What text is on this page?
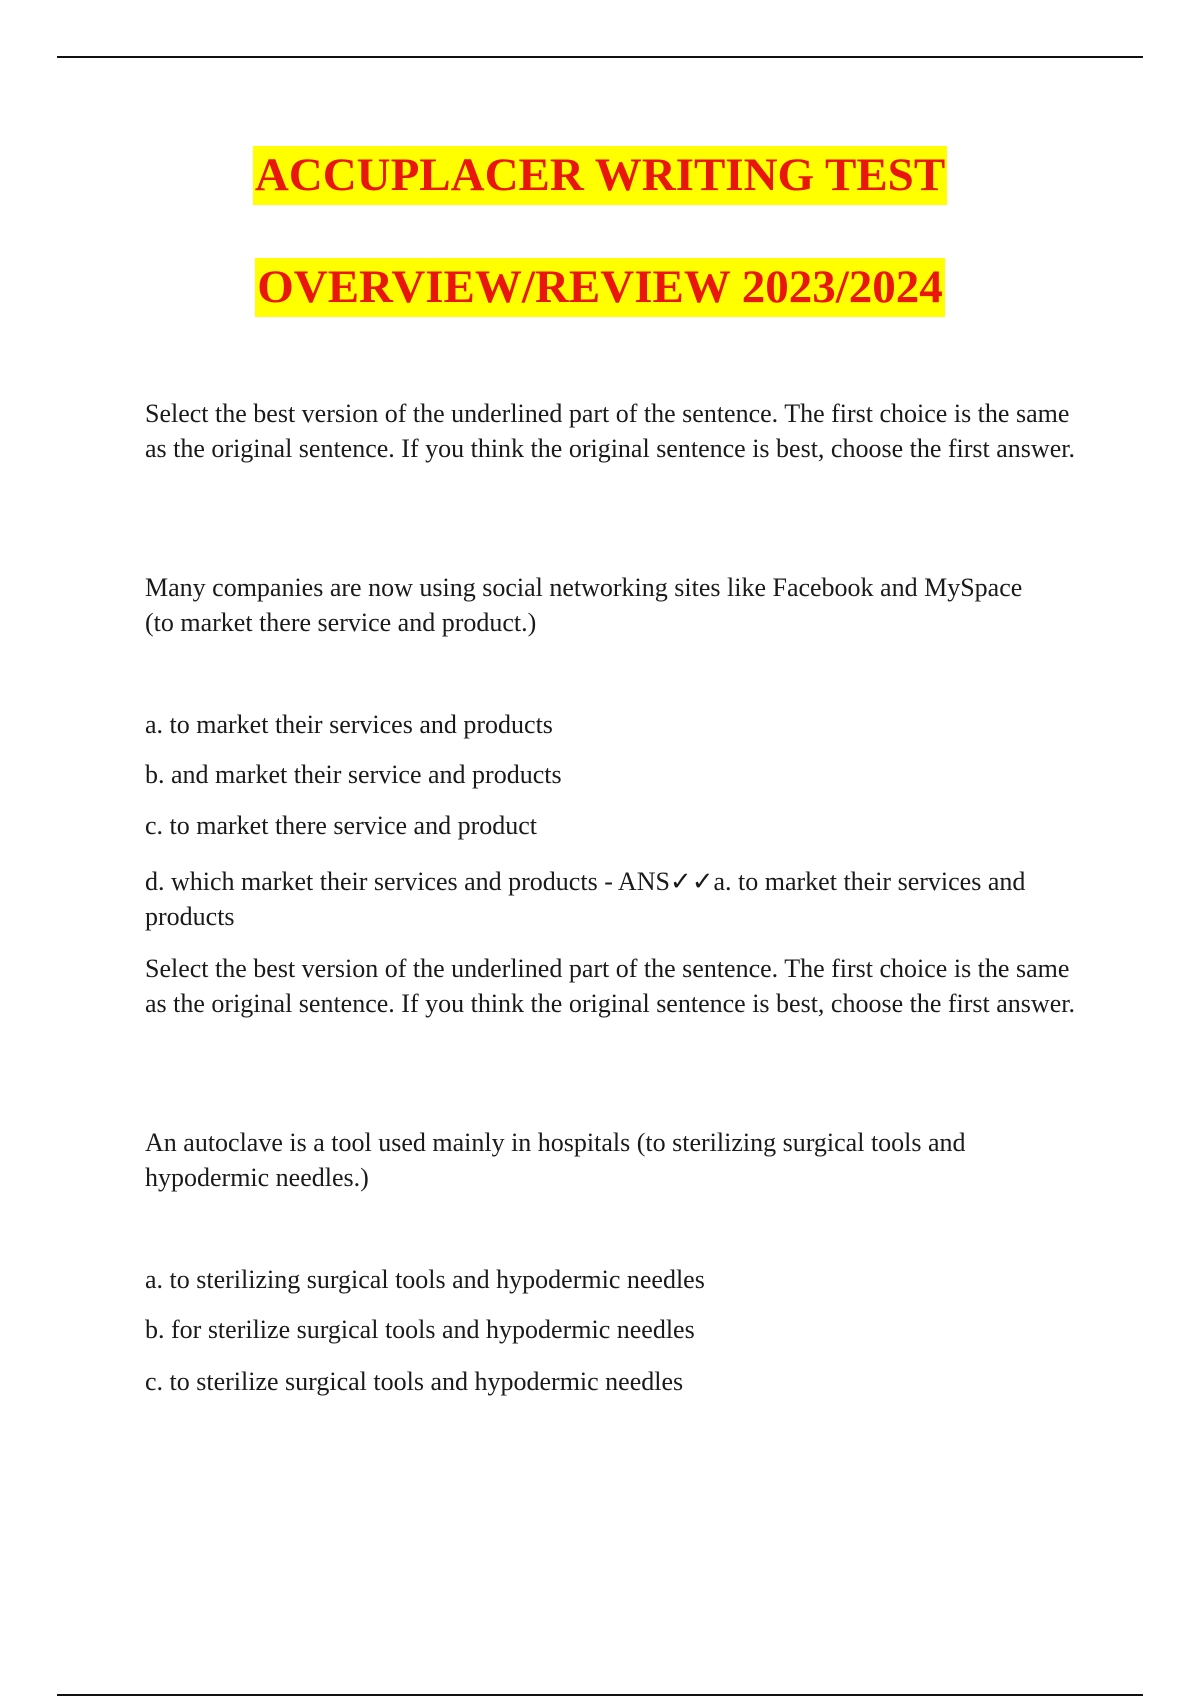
ACCUPLACER WRITING TEST
OVERVIEW/REVIEW 2023/2024

Select the best version of the underlined part of the sentence. The first choice is the same as the original sentence. If you think the original sentence is best, choose the first answer.

Many companies are now using social networking sites like Facebook and MySpace (to market there service and product.)

a. to market their services and products

b. and market their service and products

c. to market there service and product

d. which market their services and products - ANS✓✓a. to market their services and products

Select the best version of the underlined part of the sentence. The first choice is the same as the original sentence. If you think the original sentence is best, choose the first answer.

An autoclave is a tool used mainly in hospitals (to sterilizing surgical tools and hypodermic needles.)

a. to sterilizing surgical tools and hypodermic needles

b. for sterilize surgical tools and hypodermic needles

c. to sterilize surgical tools and hypodermic needles
